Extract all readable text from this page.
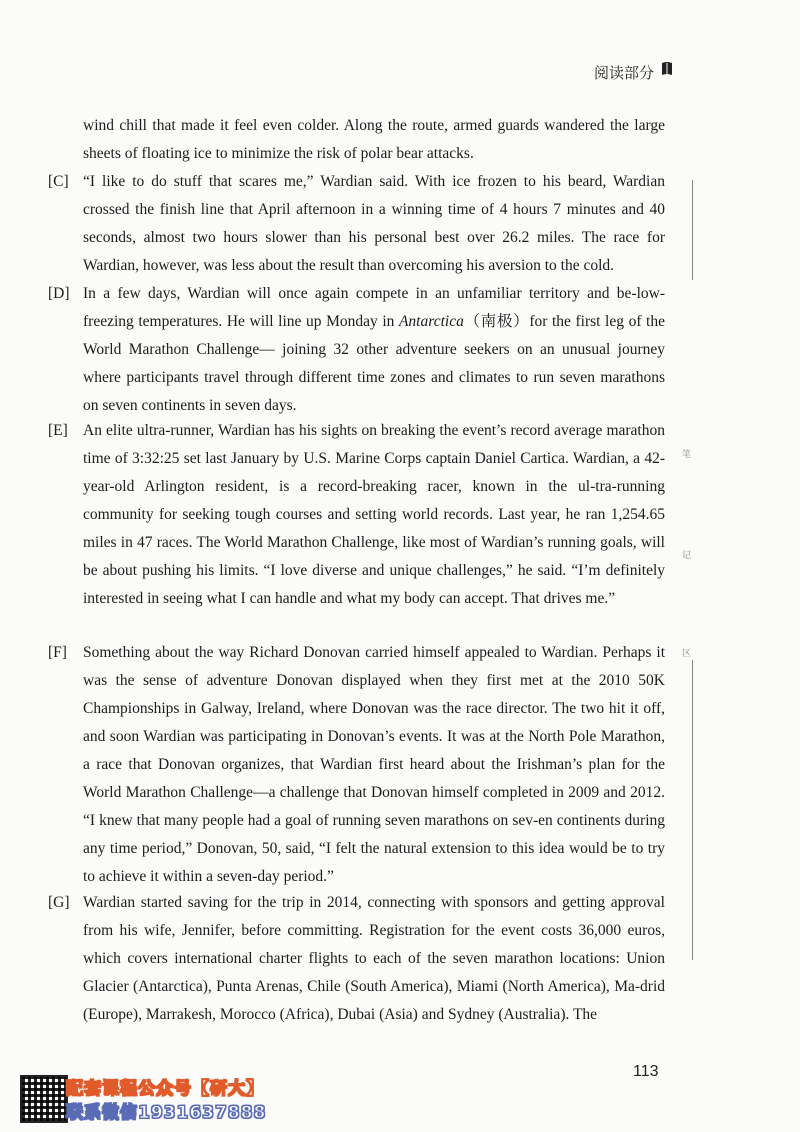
阅读部分
wind chill that made it feel even colder. Along the route, armed guards wandered the large sheets of floating ice to minimize the risk of polar bear attacks.
[C] “I like to do stuff that scares me,” Wardian said. With ice frozen to his beard, Wardian crossed the finish line that April afternoon in a winning time of 4 hours 7 minutes and 40 seconds, almost two hours slower than his personal best over 26.2 miles. The race for Wardian, however, was less about the result than overcoming his aversion to the cold.
[D] In a few days, Wardian will once again compete in an unfamiliar territory and be-low-freezing temperatures. He will line up Monday in Antarctica（南极）for the first leg of the World Marathon Challenge— joining 32 other adventure seekers on an unusual journey where participants travel through different time zones and climates to run seven marathons on seven continents in seven days.
[E] An elite ultra-runner, Wardian has his sights on breaking the event’s record average marathon time of 3:32:25 set last January by U.S. Marine Corps captain Daniel Cartica. Wardian, a 42-year-old Arlington resident, is a record-breaking racer, known in the ul-tra-running community for seeking tough courses and setting world records. Last year, he ran 1,254.65 miles in 47 races. The World Marathon Challenge, like most of Wardian’s running goals, will be about pushing his limits. “I love diverse and unique challenges,” he said. “I’m definitely interested in seeing what I can handle and what my body can accept. That drives me.”
[F] Something about the way Richard Donovan carried himself appealed to Wardian. Perhaps it was the sense of adventure Donovan displayed when they first met at the 2010 50K Championships in Galway, Ireland, where Donovan was the race director. The two hit it off, and soon Wardian was participating in Donovan’s events. It was at the North Pole Marathon, a race that Donovan organizes, that Wardian first heard about the Irishman’s plan for the World Marathon Challenge—a challenge that Donovan himself completed in 2009 and 2012. “I knew that many people had a goal of running seven marathons on sev-en continents during any time period,” Donovan, 50, said, “I felt the natural extension to this idea would be to try to achieve it within a seven-day period.”
[G] Wardian started saving for the trip in 2014, connecting with sponsors and getting approval from his wife, Jennifer, before committing. Registration for the event costs 36,000 euros, which covers international charter flights to each of the seven marathon locations: Union Glacier (Antarctica), Punta Arenas, Chile (South America), Miami (North America), Ma-drid (Europe), Marrakesh, Morocco (Africa), Dubai (Asia) and Sydney (Australia). The
笔
记
区
113
配套课程公众号【研大】
联系微信1931637888
